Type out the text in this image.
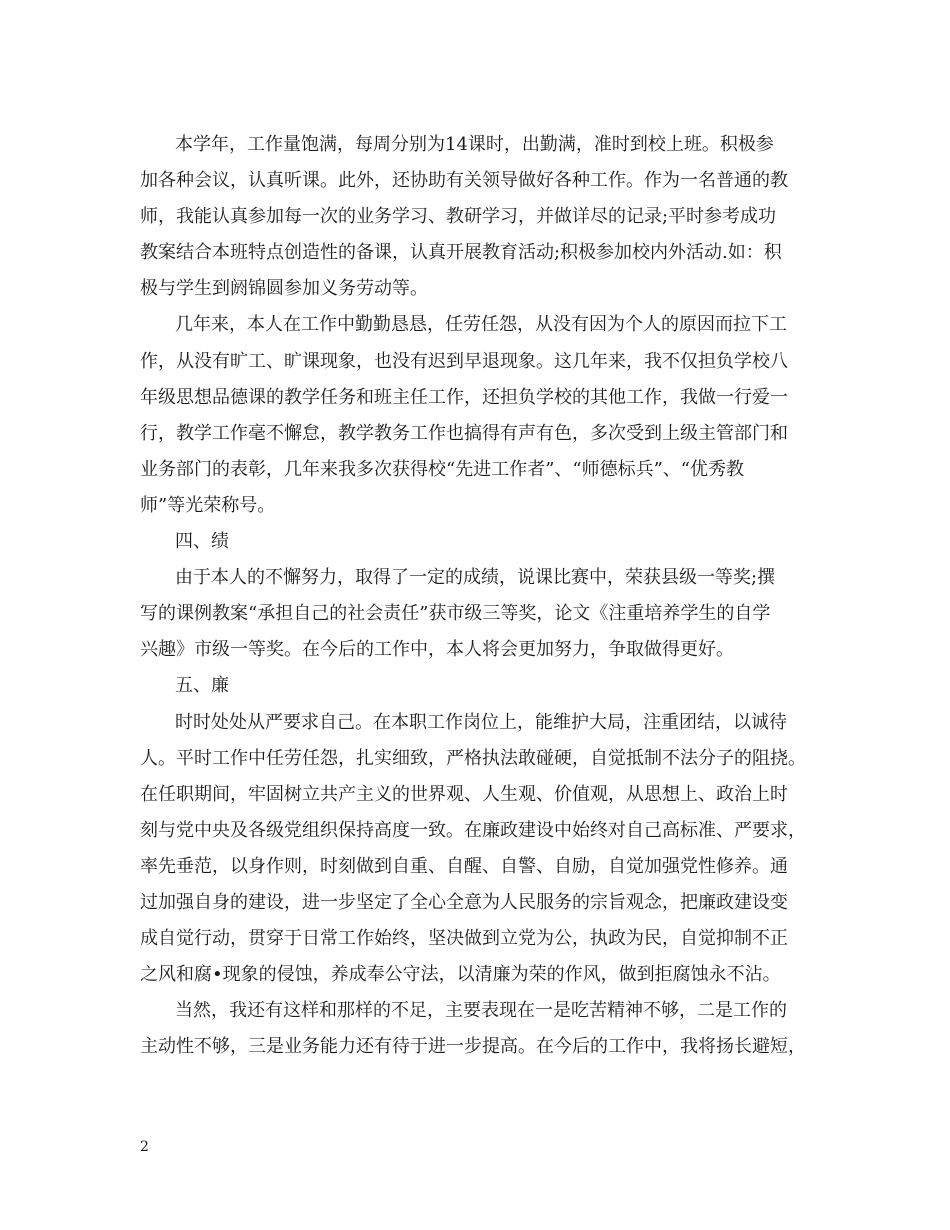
本学年，工作量饱满，每周分别为14课时，出勤满，准时到校上班。积极参
加各种会议，认真听课。此外，还协助有关领导做好各种工作。作为一名普通的教
师，我能认真参加每一次的业务学习、教研学习，并做详尽的记录;平时参考成功
教案结合本班特点创造性的备课，认真开展教育活动;积极参加校内外活动.如：积
极与学生到阏锦圆参加义务劳动等。
几年来，本人在工作中勤勤恳恳，任劳任怨，从没有因为个人的原因而拉下工
作，从没有旷工、旷课现象，也没有迟到早退现象。这几年来，我不仅担负学校八
年级思想品德课的教学任务和班主任工作，还担负学校的其他工作，我做一行爱一
行，教学工作毫不懈怠，教学教务工作也搞得有声有色，多次受到上级主管部门和
业务部门的表彰，几年来我多次获得校“先进工作者”、“师德标兵”、“优秀教
师”等光荣称号。
四、绩
由于本人的不懈努力，取得了一定的成绩，说课比赛中，荣获县级一等奖;撰
写的课例教案“承担自己的社会责任”获市级三等奖，论文《注重培养学生的自学
兴趣》市级一等奖。在今后的工作中，本人将会更加努力，争取做得更好。
五、廉
时时处处从严要求自己。在本职工作岗位上，能维护大局，注重团结，以诚待
人。平时工作中任劳任怨，扎实细致，严格执法敢碰硬，自觉抵制不法分子的阻挠。
在任职期间，牢固树立共产主义的世界观、人生观、价值观，从思想上、政治上时
刻与党中央及各级党组织保持高度一致。在廉政建设中始终对自己高标准、严要求，
率先垂范，以身作则，时刻做到自重、自醒、自警、自励，自觉加强党性修养。通
过加强自身的建设，进一步坚定了全心全意为人民服务的宗旨观念，把廉政建设变
成自觉行动，贯穿于日常工作始终，坚决做到立党为公，执政为民，自觉抑制不正
之风和腐•现象的侵蚀，养成奉公守法，以清廉为荣的作风，做到拒腐蚀永不沾。
当然，我还有这样和那样的不足，主要表现在一是吃苦精神不够，二是工作的
主动性不够，三是业务能力还有待于进一步提高。在今后的工作中，我将扬长避短，
2
